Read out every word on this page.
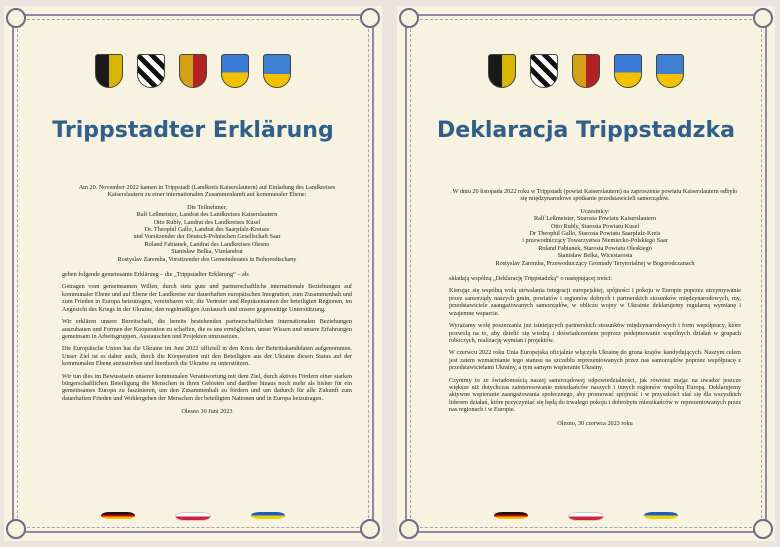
Trippstadter Erklärung

Am 20. November 2022 kamen in Trippstadt (Landkreis Kaiserslautern) auf Einladung des Landkreises Kaiserslautern zu einer internationalen Zusammenkunft auf kommunaler Ebene:

Die Teilnehmer,
Ralf Leßmeister, Landrat des Landkreises Kaiserslautern
Otto Rubly, Landrat des Landkreises Kusel
Dr. Theophil Gallo, Landrat des Saarpfalz-Kreises
und Vorsitzender der Deutsch-Polnischen Gesellschaft Saar
Roland Fabianek, Landrat des Landkreises Olesno
Stanisław Belka, Vizelandrat
Rostyslav Zaremba, Vorsitzender des Gemeinderates in Bohorodtschany

geben folgende gemeinsame Erklärung – die „Trippstadter Erklärung“ – ab:

Getragen vom gemeinsamen Willen, durch stets gute und partnerschaftliche internationale Beziehungen auf kommunaler Ebene und auf Ebene der Landkreise zur dauerhaften europäischen Integration, zum Zusammenhalt und zum Frieden in Europa beizutragen, vereinbaren wir, die Vertreter und Repräsentanten der beteiligten Regionen, im Angesicht des Kriegs in der Ukraine, den regelmäßigen Austausch und unsere gegenseitige Unterstützung.

Wir erklären unsere Bereitschaft, die bereits bestehenden partnerschaftlichen internationalen Beziehungen auszubauen und Formen der Kooperation zu schaffen, die es uns ermöglichen, unser Wissen und unsere Erfahrungen gemeinsam in Arbeitsgruppen, Austauschen und Projekten umzusetzen.

Die Europäische Union hat die Ukraine im Juni 2022 offiziell in den Kreis der Beitrittskandidaten aufgenommen. Unser Ziel ist es daher auch, durch die Kooperation mit den Beteiligten aus der Ukraine diesen Status auf der kommunalen Ebene anzustreben und hierdurch die Ukraine zu unterstützen.

Wir tun dies im Bewusstsein unserer kommunalen Verantwortung mit dem Ziel, durch aktives Fördern einer starken bürgerschaftlichen Beteiligung die Menschen in ihren Gebieten und darüber hinaus noch mehr als bisher für ein gemeinsames Europa zu faszinieren, um den Zusammenhalt zu fördern und um dadurch für alle Zukunft zum dauerhaften Frieden und Wohlergehen der Menschen der beteiligten Nationen und in Europa beizutragen.

Olesno 30 Juni 2023
Deklaracja Trippstadzka

W dniu 20 listopada 2022 roku w Trippstadt (powiat Kaiserslautern) na zaproszenie powiatu Kaiserslautern odbyło się międzynarodowe spotkanie przedstawicieli samorządów.

Uczestnicy:
Ralf Leßmeister, Starosta Powiatu Kaiserslautern
Otto Rubly, Starosta Powiatu Kusel
Dr Theophil Gallo, Starosta Powiatu Saarpfalz-Kreis
i przewodniczący Towarzystwa Niemiecko-Polskiego Saar
Roland Fabianek, Starosta Powiatu Oleskiego
Stanisław Belka, Wicestarosta
Rostyslav Zaremba, Przewodniczący Gromady Terytorialnej w Bogorodczanach

składają wspólną „Deklarację Trippstadzką“ o następującej treści:

Kierując się wspólną wolą utrwalania integracji europejskiej, spójności i pokoju w Europie poprzez utrzymywanie przez samorządy naszych gmin, powiatów i regionów dobrych i partnerskich stosunków międzynarodowych, my, przedstawiciele zaangażowanych samorządów, w obliczu wojny w Ukrainie deklarujemy regularną wymianę i wzajemne wsparcie.

Wyrażamy wolę poszerzania już istniejących partnerskich stosunków międzynarodowych i form współpracy, które pozwolą na to, aby dzielić się wiedzą i doświadczeniem poprzez podejmowanie wspólnych działań w grupach roboczych, realizację wymian i projektów.

W czerwcu 2022 roku Unia Europejska oficjalnie włączyła Ukrainę do grona krajów kandydujących. Naszym celem jest zatem wzmacnianie tego statusu na szczeblu reprezentowanych przez nas samorządów poprzez współpracę z przedstawicielami Ukrainy, a tym samym wspieranie Ukrainy.

Czynimy to ze świadomością naszej samorządowej odpowiedzialności, jak również mając na uwadze jeszcze większe niż dotychczas zainteresowanie mieszkańców naszych i innych regionów wspólną Europą. Deklarujemy aktywne wspieranie zaangażowania społecznego, aby promować spójność i w przyszłości stać się dla wszystkich liderem działań, które przyczyniać się będą do trwałego pokoju i dobrobytu mieszkańców w reprezentowanych przez nas regionach i w Europie.

Olesno, 30 czerwca 2023 roku
